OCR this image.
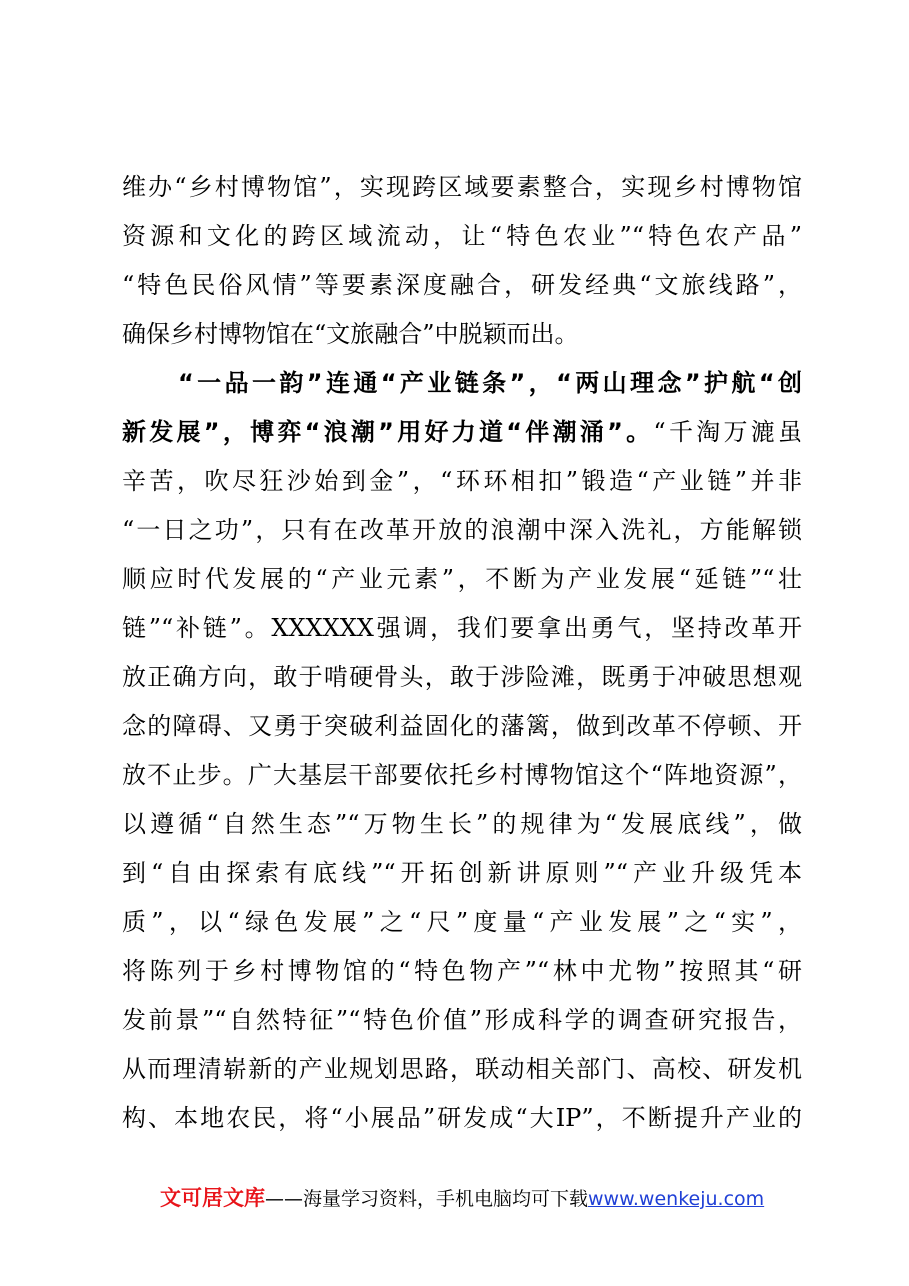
维办“乡村博物馆”，实现跨区域要素整合，实现乡村博物馆
资源和文化的跨区域流动，让“特色农业”“特色农产品”
“特色民俗风情”等要素深度融合，研发经典“文旅线路”，
确保乡村博物馆在“文旅融合”中脱颖而出。
“一品一韵”连通“产业链条”，“两山理念”护航“创
新发展”，博弈“浪潮”用好力道“伴潮涌”。“千淘万漉虽
辛苦，吹尽狂沙始到金”，“环环相扣”锻造“产业链”并非
“一日之功”，只有在改革开放的浪潮中深入洗礼，方能解锁
顺应时代发展的“产业元素”，不断为产业发展“延链”“壮
链”“补链”。XXXXXX强调，我们要拿出勇气，坚持改革开
放正确方向，敢于啃硬骨头，敢于涉险滩，既勇于冲破思想观
念的障碍、又勇于突破利益固化的藩篱，做到改革不停顿、开
放不止步。广大基层干部要依托乡村博物馆这个“阵地资源”，
以遵循“自然生态”“万物生长”的规律为“发展底线”，做
到“自由探索有底线”“开拓创新讲原则”“产业升级凭本
质”，以“绿色发展”之“尺”度量“产业发展”之“实”，
将陈列于乡村博物馆的“特色物产”“林中尤物”按照其“研
发前景”“自然特征”“特色价值”形成科学的调查研究报告，
从而理清崭新的产业规划思路，联动相关部门、高校、研发机
构、本地农民，将“小展品”研发成“大IP”，不断提升产业的
文可居文库——海量学习资料，手机电脑均可下载www.wenkeju.com
